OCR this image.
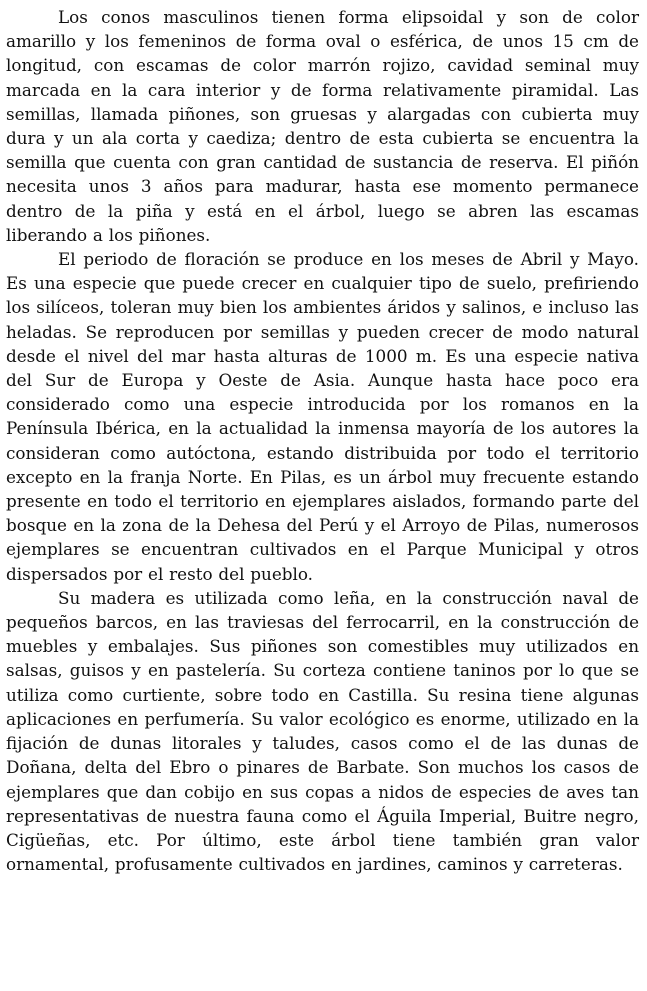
Los conos masculinos tienen forma elipsoidal y son de color amarillo y los femeninos de forma oval o esférica, de unos 15 cm de longitud, con escamas de color marrón rojizo, cavidad seminal muy marcada en la cara interior y de forma relativamente piramidal. Las semillas, llamada piñones, son gruesas y alargadas con cubierta muy dura y un ala corta y caediza; dentro de esta cubierta se encuentra la semilla que cuenta con gran cantidad de sustancia de reserva. El piñón necesita unos 3 años para madurar, hasta ese momento permanece dentro de la piña y está en el árbol, luego se abren las escamas liberando a los piñones.

El periodo de floración se produce en los meses de Abril y Mayo. Es una especie que puede crecer en cualquier tipo de suelo, prefiriendo los silíceos, toleran muy bien los ambientes áridos y salinos, e incluso las heladas. Se reproducen por semillas y pueden crecer de modo natural desde el nivel del mar hasta alturas de 1000 m. Es una especie nativa del Sur de Europa y Oeste de Asia. Aunque hasta hace poco era considerado como una especie introducida por los romanos en la Península Ibérica, en la actualidad la inmensa mayoría de los autores la consideran como autóctona, estando distribuida por todo el territorio excepto en la franja Norte. En Pilas, es un árbol muy frecuente estando presente en todo el territorio en ejemplares aislados, formando parte del bosque en la zona de la Dehesa del Perú y el Arroyo de Pilas, numerosos ejemplares se encuentran cultivados en el Parque Municipal y otros dispersados por el resto del pueblo.

Su madera es utilizada como leña, en la construcción naval de pequeños barcos, en las traviesas del ferrocarril, en la construcción de muebles y embalajes. Sus piñones son comestibles muy utilizados en salsas, guisos y en pastelería. Su corteza contiene taninos por lo que se utiliza como curtiente, sobre todo en Castilla. Su resina tiene algunas aplicaciones en perfumería. Su valor ecológico es enorme, utilizado en la fijación de dunas litorales y taludes, casos como el de las dunas de Doñana, delta del Ebro o pinares de Barbate. Son muchos los casos de ejemplares que dan cobijo en sus copas a nidos de especies de aves tan representativas de nuestra fauna como el Águila Imperial, Buitre negro, Cigüeñas, etc. Por último, este árbol tiene también gran valor ornamental, profusamente cultivados en jardines, caminos y carreteras.
